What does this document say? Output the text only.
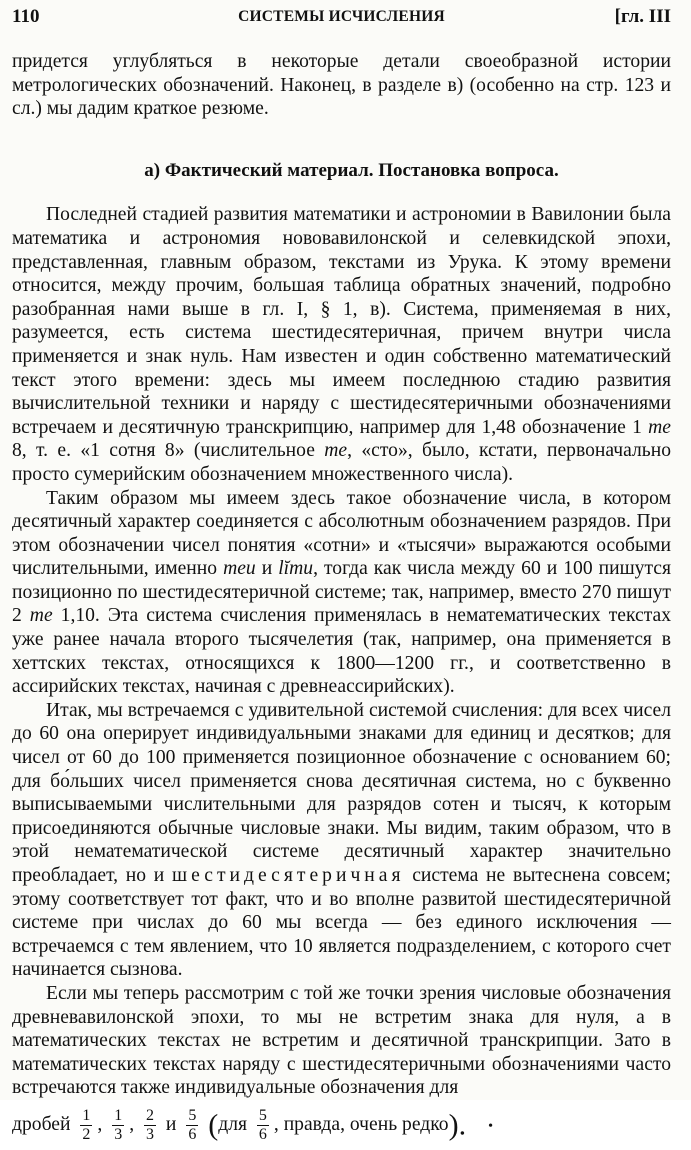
110	СИСТЕМЫ ИСЧИСЛЕНИЯ	[гл. III

придется углубляться в некоторые детали своеобразной истории метрологических обозначений. Наконец, в разделе в) (особенно на стр. 123 и сл.) мы дадим краткое резюме.

а) Фактический материал. Постановка вопроса.

Последней стадией развития математики и астрономии в Вавилонии была математика и астрономия нововавилонской и селевкидской эпохи, представленная, главным образом, текстами из Урука. К этому времени относится, между прочим, большая таблица обратных значений, подробно разобранная нами выше в гл. I, § 1, в). Система, применяемая в них, разумеется, есть система шестидесятеричная, причем внутри числа применяется и знак нуль. Нам известен и один собственно математический текст этого времени: здесь мы имеем последнюю стадию развития вычислительной техники и наряду с шестидесятеричными обозначениями встречаем и десятичную транскрипцию, например для 1,48 обозначение 1 me 8, т. е. «1 сотня 8» (числительное me, «сто», было, кстати, первоначально просто сумерийским обозначением множественного числа).

Таким образом мы имеем здесь такое обозначение числа, в котором десятичный характер соединяется с абсолютным обозначением разрядов. При этом обозначении чисел понятия «сотни» и «тысячи» выражаются особыми числительными, именно meu и lĭmu, тогда как числа между 60 и 100 пишутся позиционно по шестидесятеричной системе; так, например, вместо 270 пишут 2 me 1,10. Эта система счисления применялась в нематематических текстах уже ранее начала второго тысячелетия (так, например, она применяется в хеттских текстах, относящихся к 1800—1200 гг., и соответственно в ассирийских текстах, начиная с древнеассирийских).

Итак, мы встречаемся с удивительной системой счисления: для всех чисел до 60 она оперирует индивидуальными знаками для единиц и десятков; для чисел от 60 до 100 применяется позиционное обозначение с основанием 60; для бо́льших чисел применяется снова десятичная система, но с буквенно выписываемыми числительными для разрядов сотен и тысяч, к которым присоединяются обычные числовые знаки. Мы видим, таким образом, что в этой нематематической системе десятичный характер значительно преобладает, но и шестидесятеричная система не вытеснена совсем; этому соответствует тот факт, что и во вполне развитой шестидесятеричной системе при числах до 60 мы всегда — без единого исключения — встречаемся с тем явлением, что 10 является подразделением, с которого счет начинается сызнова.

Если мы теперь рассмотрим с той же точки зрения числовые обозначения древневавилонской эпохи, то мы не встретим знака для нуля, а в математических текстах не встретим и десятичной транскрипции. Зато в математических текстах наряду с шестидесятеричными обозначениями часто встречаются также индивидуальные обозначения для

дробей $\frac{1}{2}$ , $\frac{1}{3}$ , $\frac{2}{3}$ и $\frac{5}{6} (для \frac{5}{6}$ , правда, очень редко). •
